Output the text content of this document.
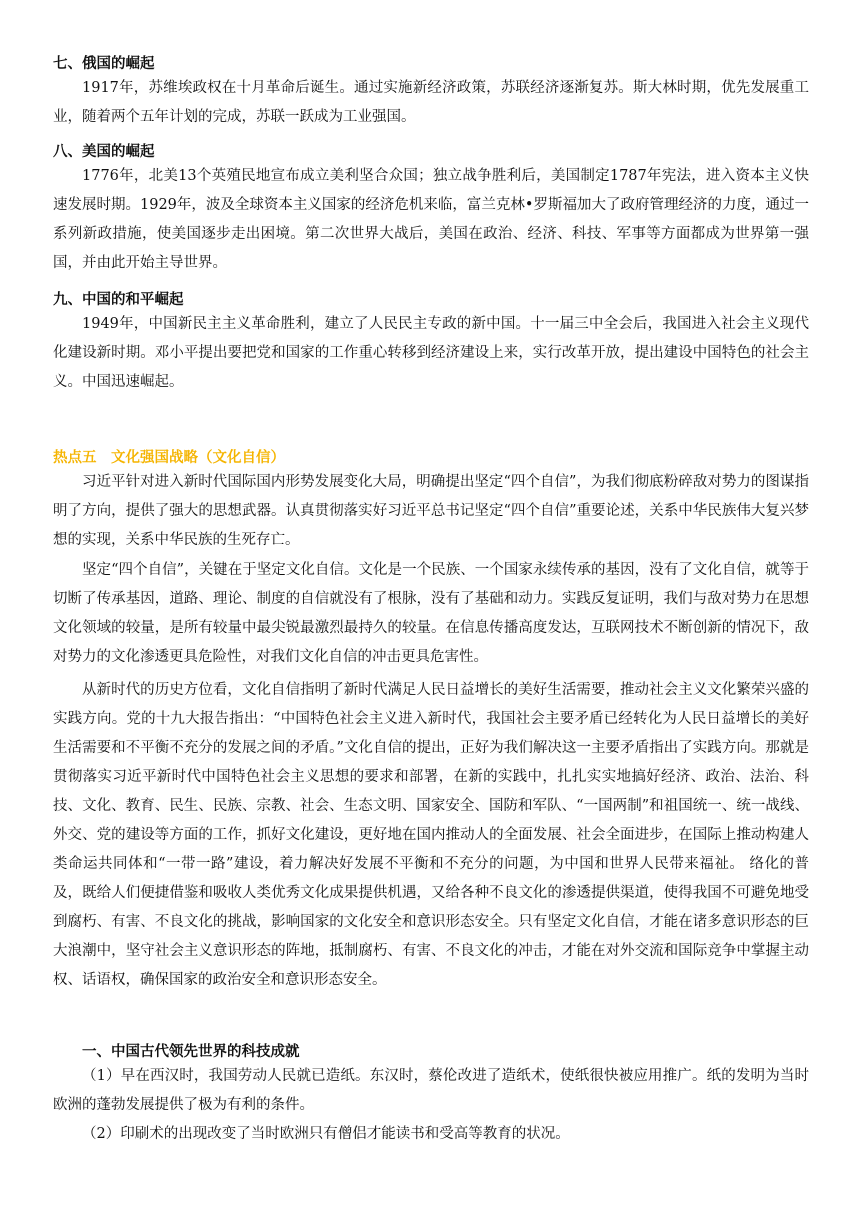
七、俄国的崛起

1917年，苏维埃政权在十月革命后诞生。通过实施新经济政策，苏联经济逐渐复苏。斯大林时期，优先发展重工业，随着两个五年计划的完成，苏联一跃成为工业强国。

八、美国的崛起

1776年，北美13个英殖民地宣布成立美利坚合众国；独立战争胜利后，美国制定1787年宪法，进入资本主义快速发展时期。1929年，波及全球资本主义国家的经济危机来临，富兰克林•罗斯福加大了政府管理经济的力度，通过一系列新政措施，使美国逐步走出困境。第二次世界大战后，美国在政治、经济、科技、军事等方面都成为世界第一强国，并由此开始主导世界。

九、中国的和平崛起

1949年，中国新民主主义革命胜利，建立了人民民主专政的新中国。十一届三中全会后，我国进入社会主义现代化建设新时期。邓小平提出要把党和国家的工作重心转移到经济建设上来，实行改革开放，提出建设中国特色的社会主义。中国迅速崛起。

热点五　文化强国战略（文化自信）

习近平针对进入新时代国际国内形势发展变化大局，明确提出坚定“四个自信”，为我们彻底粉碎敌对势力的图谋指明了方向，提供了强大的思想武器。认真贯彻落实好习近平总书记坚定“四个自信”重要论述，关系中华民族伟大复兴梦想的实现，关系中华民族的生死存亡。

坚定“四个自信”，关键在于坚定文化自信。文化是一个民族、一个国家永续传承的基因，没有了文化自信，就等于切断了传承基因，道路、理论、制度的自信就没有了根脉，没有了基础和动力。实践反复证明，我们与敌对势力在思想文化领域的较量，是所有较量中最尖锐最激烈最持久的较量。在信息传播高度发达，互联网技术不断创新的情况下，敌对势力的文化渗透更具危险性，对我们文化自信的冲击更具危害性。

从新时代的历史方位看，文化自信指明了新时代满足人民日益增长的美好生活需要，推动社会主义文化繁荣兴盛的实践方向。党的十九大报告指出：“中国特色社会主义进入新时代，我国社会主要矛盾已经转化为人民日益增长的美好生活需要和不平衡不充分的发展之间的矛盾。”文化自信的提出，正好为我们解决这一主要矛盾指出了实践方向。那就是贯彻落实习近平新时代中国特色社会主义思想的要求和部署，在新的实践中，扎扎实实地搞好经济、政治、法治、科技、文化、教育、民生、民族、宗教、社会、生态文明、国家安全、国防和军队、“一国两制”和祖国统一、统一战线、外交、党的建设等方面的工作，抓好文化建设，更好地在国内推动人的全面发展、社会全面进步，在国际上推动构建人类命运共同体和“一带一路”建设，着力解决好发展不平衡和不充分的问题，为中国和世界人民带来福祉。 络化的普及，既给人们便捷借鉴和吸收人类优秀文化成果提供机遇，又给各种不良文化的渗透提供渠道，使得我国不可避免地受到腐朽、有害、不良文化的挑战，影响国家的文化安全和意识形态安全。只有坚定文化自信，才能在诸多意识形态的巨大浪潮中，坚守社会主义意识形态的阵地，抵制腐朽、有害、不良文化的冲击，才能在对外交流和国际竞争中掌握主动权、话语权，确保国家的政治安全和意识形态安全。

一、中国古代领先世界的科技成就

（1）早在西汉时，我国劳动人民就已造纸。东汉时，蔡伦改进了造纸术，使纸很快被应用推广。纸的发明为当时欧洲的蓬勃发展提供了极为有利的条件。

（2）印刷术的出现改变了当时欧洲只有僧侣才能读书和受高等教育的状况。
